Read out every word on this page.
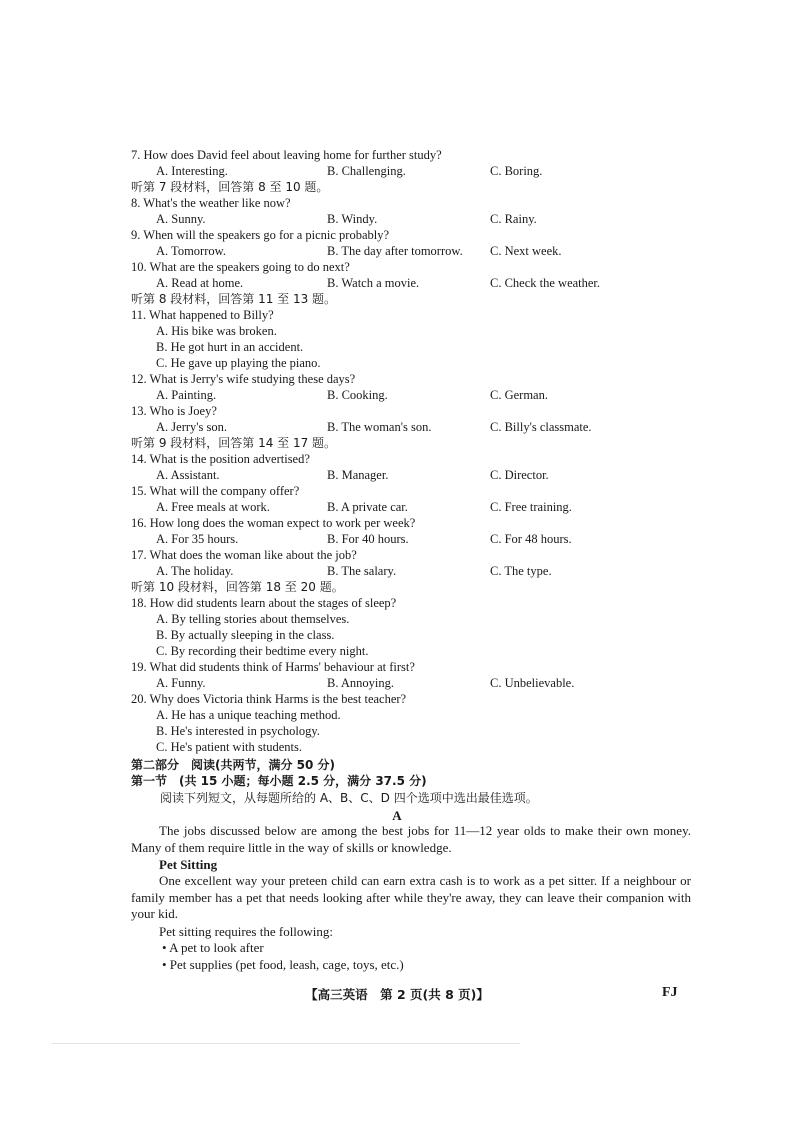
7. How does David feel about leaving home for further study?
A. Interesting.	B. Challenging.	C. Boring.
听第 7 段材料，回答第 8 至 10 题。
8. What's the weather like now?
A. Sunny.	B. Windy.	C. Rainy.
9. When will the speakers go for a picnic probably?
A. Tomorrow.	B. The day after tomorrow. C. Next week.
10. What are the speakers going to do next?
A. Read at home.	B. Watch a movie.	C. Check the weather.
听第 8 段材料，回答第 11 至 13 题。
11. What happened to Billy?
A. His bike was broken.
B. He got hurt in an accident.
C. He gave up playing the piano.
12. What is Jerry's wife studying these days?
A. Painting.	B. Cooking.	C. German.
13. Who is Joey?
A. Jerry's son.	B. The woman's son.	C. Billy's classmate.
听第 9 段材料，回答第 14 至 17 题。
14. What is the position advertised?
A. Assistant.	B. Manager.	C. Director.
15. What will the company offer?
A. Free meals at work.	B. A private car.	C. Free training.
16. How long does the woman expect to work per week?
A. For 35 hours.	B. For 40 hours.	C. For 48 hours.
17. What does the woman like about the job?
A. The holiday.	B. The salary.	C. The type.
听第 10 段材料，回答第 18 至 20 题。
18. How did students learn about the stages of sleep?
A. By telling stories about themselves.
B. By actually sleeping in the class.
C. By recording their bedtime every night.
19. What did students think of Harms' behaviour at first?
A. Funny.	B. Annoying.	C. Unbelievable.
20. Why does Victoria think Harms is the best teacher?
A. He has a unique teaching method.
B. He's interested in psychology.
C. He's patient with students.
第二部分　阅读(共两节，满分 50 分)
第一节　(共 15 小题；每小题 2.5 分，满分 37.5 分)
阅读下列短文，从每题所给的 A、B、C、D 四个选项中选出最佳选项。
A
The jobs discussed below are among the best jobs for 11—12 year olds to make their own money. Many of them require little in the way of skills or knowledge.
Pet Sitting
One excellent way your preteen child can earn extra cash is to work as a pet sitter. If a neighbour or family member has a pet that needs looking after while they're away, they can leave their companion with your kid.
Pet sitting requires the following:
• A pet to look after
• Pet supplies (pet food, leash, cage, toys, etc.)
【高三英语　第 2 页(共 8 页)】	FJ
